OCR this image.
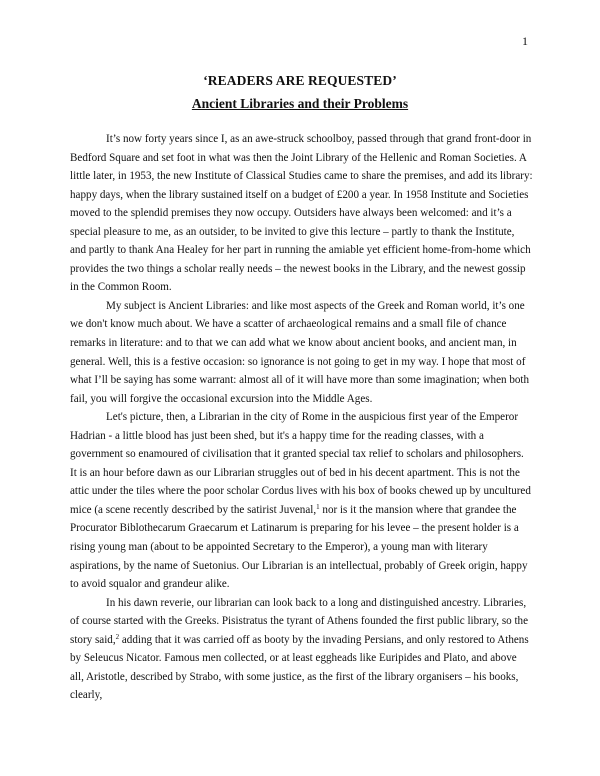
1
‘READERS ARE REQUESTED’
Ancient Libraries and their Problems

It’s now forty years since I, as an awe-struck schoolboy, passed through that grand front-door in Bedford Square and set foot in what was then the Joint Library of the Hellenic and Roman Societies. A little later, in 1953, the new Institute of Classical Studies came to share the premises, and add its library: happy days, when the library sustained itself on a budget of £200 a year. In 1958 Institute and Societies moved to the splendid premises they now occupy. Outsiders have always been welcomed: and it’s a special pleasure to me, as an outsider, to be invited to give this lecture – partly to thank the Institute, and partly to thank Ana Healey for her part in running the amiable yet efficient home-from-home which provides the two things a scholar really needs – the newest books in the Library, and the newest gossip in the Common Room.

My subject is Ancient Libraries: and like most aspects of the Greek and Roman world, it’s one we don't know much about. We have a scatter of archaeological remains and a small file of chance remarks in literature: and to that we can add what we know about ancient books, and ancient man, in general. Well, this is a festive occasion: so ignorance is not going to get in my way. I hope that most of what I’ll be saying has some warrant: almost all of it will have more than some imagination; when both fail, you will forgive the occasional excursion into the Middle Ages.

Let's picture, then, a Librarian in the city of Rome in the auspicious first year of the Emperor Hadrian - a little blood has just been shed, but it's a happy time for the reading classes, with a government so enamoured of civilisation that it granted special tax relief to scholars and philosophers. It is an hour before dawn as our Librarian struggles out of bed in his decent apartment. This is not the attic under the tiles where the poor scholar Cordus lives with his box of books chewed up by uncultured mice (a scene recently described by the satirist Juvenal,$^1$ nor is it the mansion where that grandee the Procurator Biblothecarum Graecarum et Latinarum is preparing for his levee – the present holder is a rising young man (about to be appointed Secretary to the Emperor), a young man with literary aspirations, by the name of Suetonius. Our Librarian is an intellectual, probably of Greek origin, happy to avoid squalor and grandeur alike.

In his dawn reverie, our librarian can look back to a long and distinguished ancestry. Libraries, of course started with the Greeks. Pisistratus the tyrant of Athens founded the first public library, so the story said,$^2$ adding that it was carried off as booty by the invading Persians, and only restored to Athens by Seleucus Nicator. Famous men collected, or at least eggheads like Euripides and Plato, and above all, Aristotle, described by Strabo, with some justice, as the first of the library organisers – his books, clearly,
